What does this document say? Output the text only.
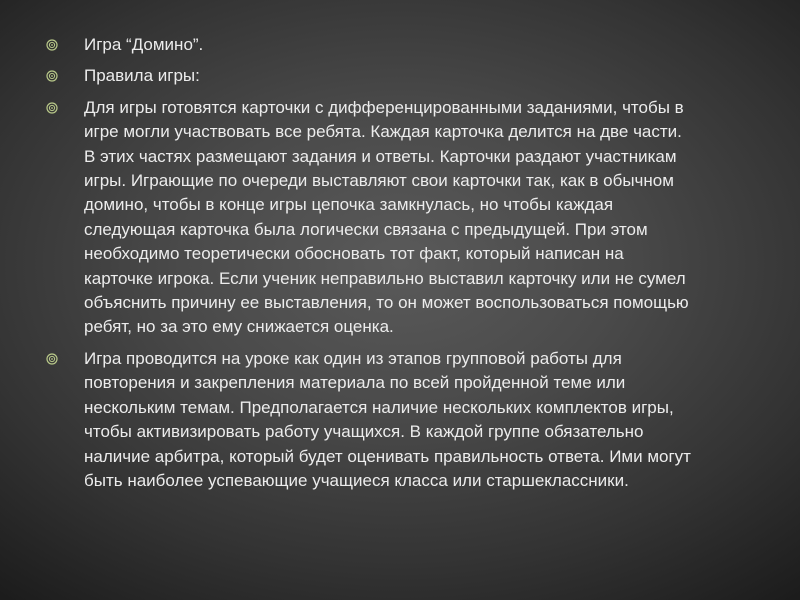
Игра “Домино”.
Правила игры:
Для игры готовятся карточки с дифференцированными заданиями, чтобы в игре могли участвовать все ребята. Каждая карточка делится на две части. В этих частях размещают задания и ответы. Карточки раздают участникам игры. Играющие по очереди выставляют свои карточки так, как в обычном домино, чтобы в конце игры цепочка замкнулась, но чтобы каждая следующая карточка была логически связана с предыдущей. При этом необходимо теоретически обосновать тот факт, который написан на карточке игрока. Если ученик неправильно выставил карточку или не сумел объяснить причину ее выставления, то он может воспользоваться помощью ребят, но за это ему снижается оценка.
Игра проводится на уроке как один из этапов групповой работы для повторения и закрепления материала по всей пройденной теме или нескольким темам. Предполагается наличие нескольких комплектов игры, чтобы активизировать работу учащихся. В каждой группе обязательно наличие арбитра, который будет оценивать правильность ответа. Ими могут быть наиболее успевающие учащиеся класса или старшеклассники.
